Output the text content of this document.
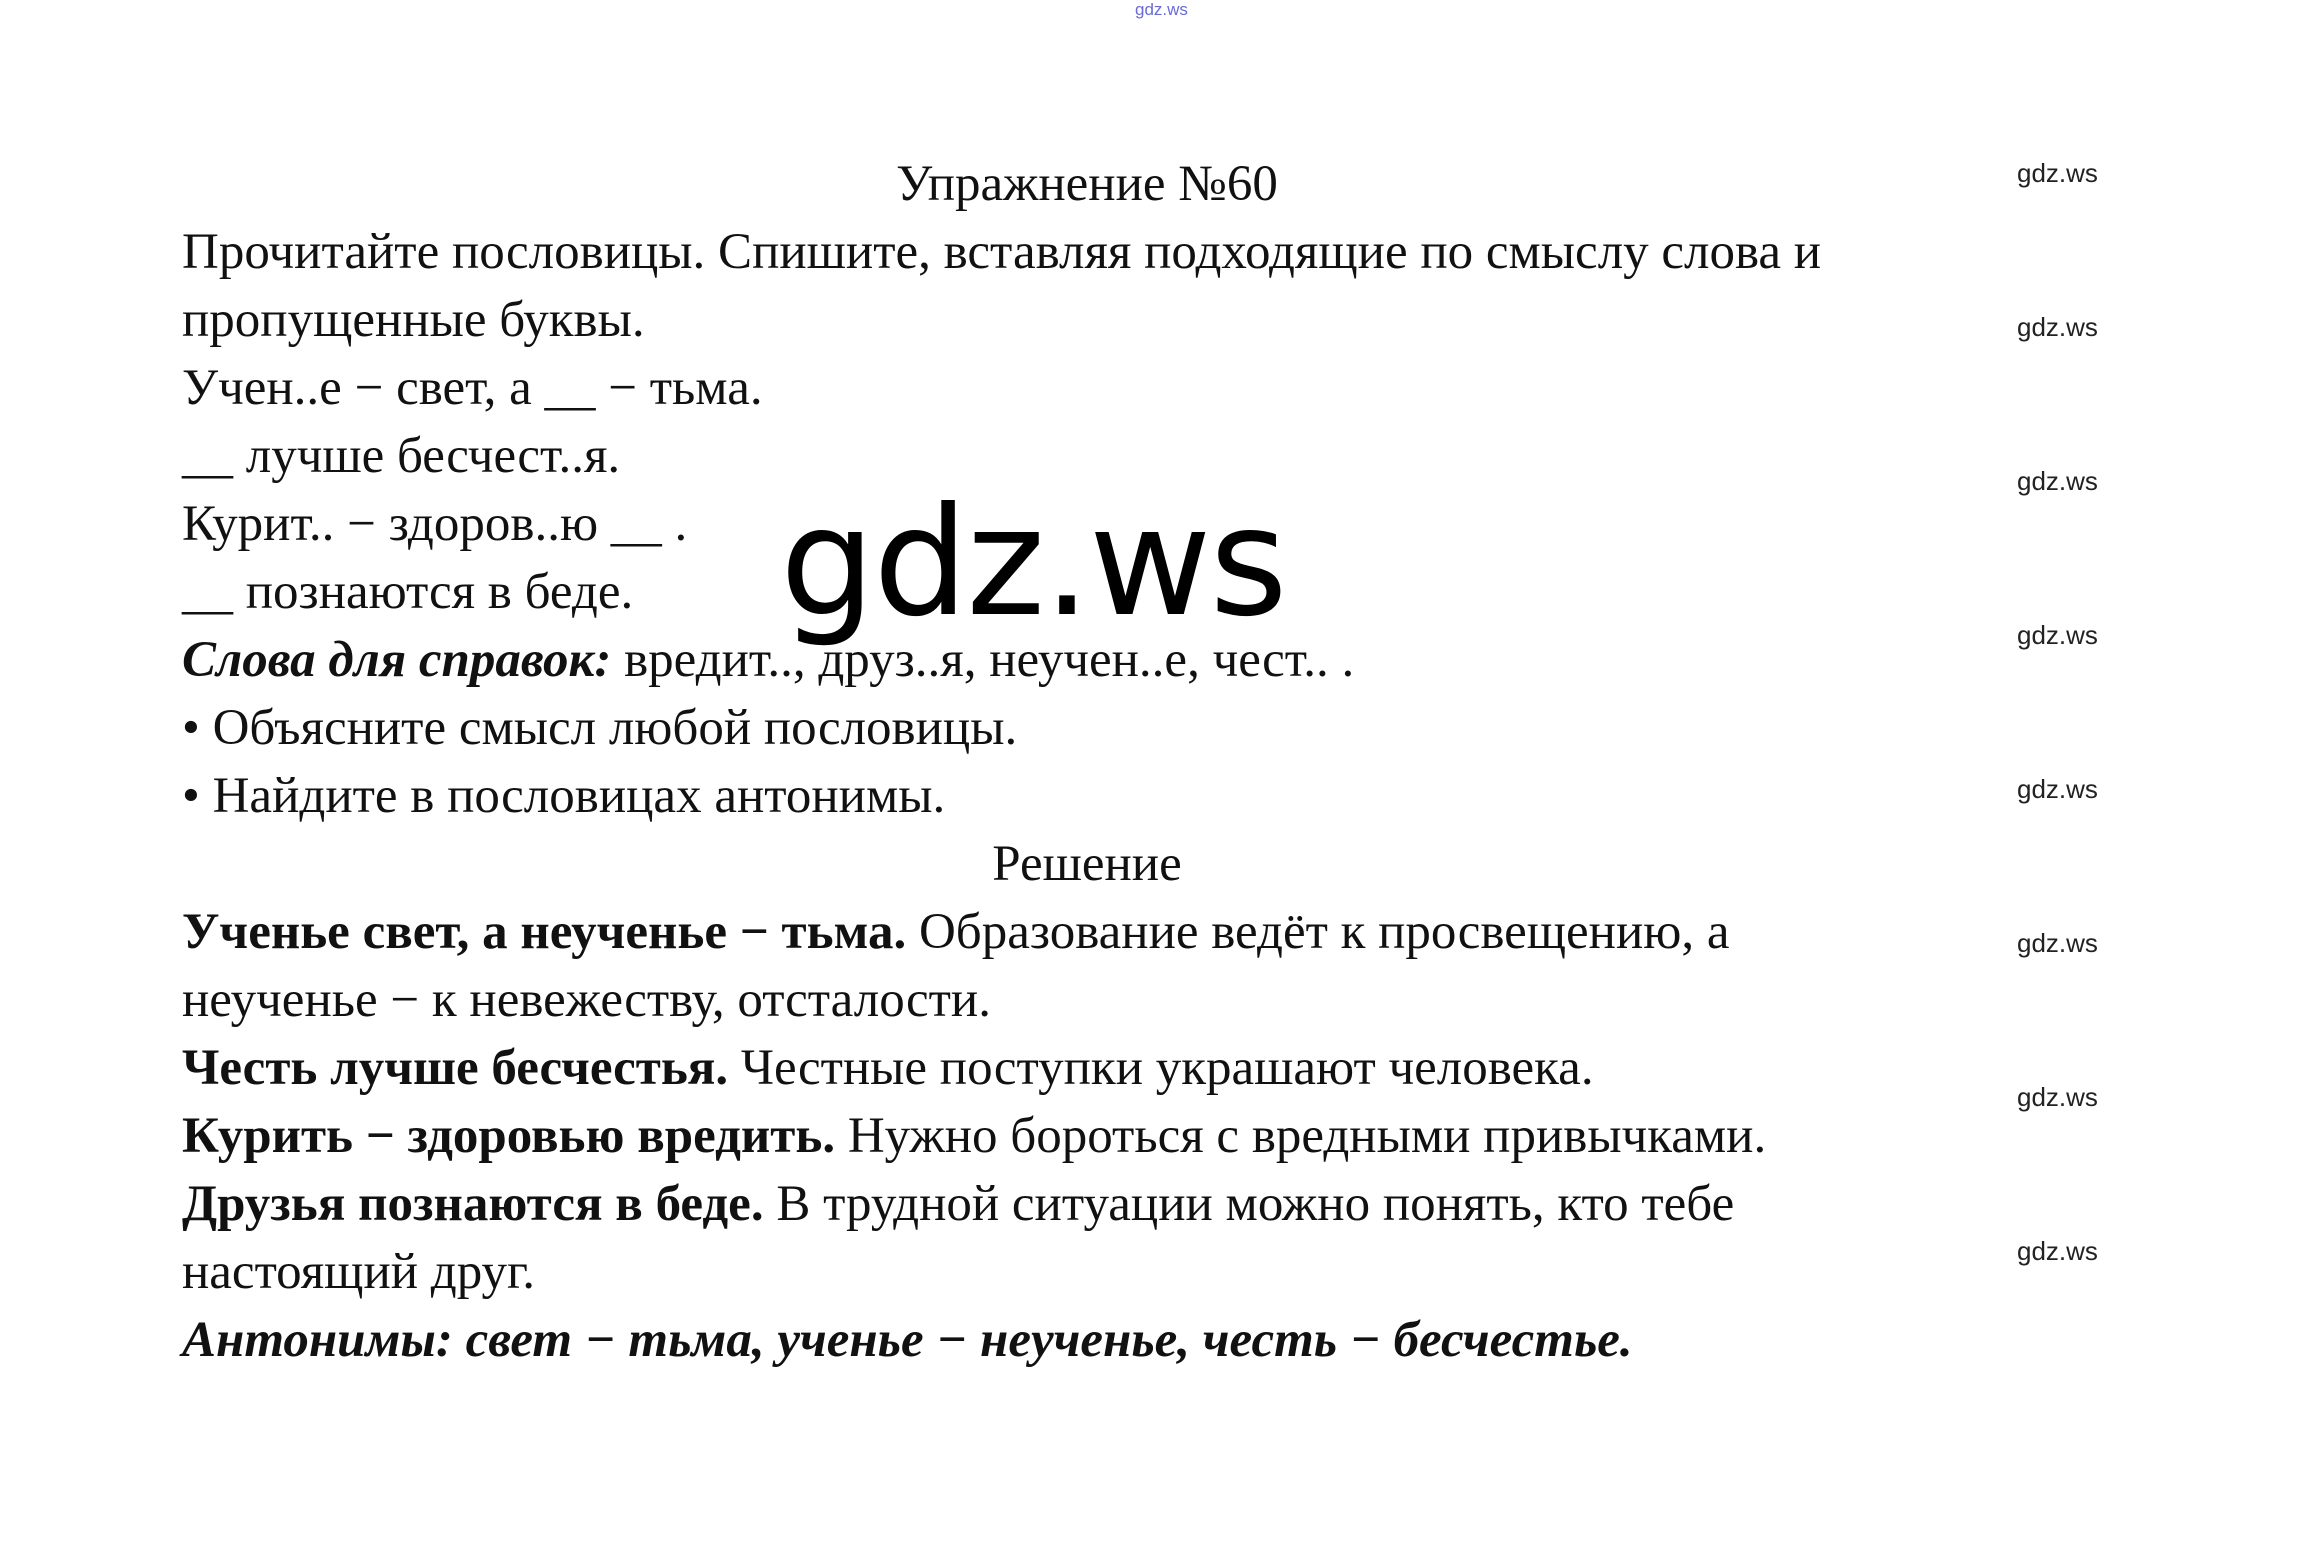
gdz.ws
gdz.ws
gdz.ws
gdz.ws
gdz.ws
gdz.ws
gdz.ws
gdz.ws
gdz.ws
Упражнение №60
Прочитайте пословицы. Спишите, вставляя подходящие по смыслу слова и
пропущенные буквы.
Учен..е − свет, а __ − тьма.
__ лучше бесчест..я.
Курит.. − здоров..ю __ .
__ познаются в беде.
Слова для справок: вредит.., друз..я, неучен..е, чест.. .
• Объясните смысл любой пословицы.
• Найдите в пословицах антонимы.
Решение
Ученье свет, а неученье − тьма. Образование ведёт к просвещению, а
неученье − к невежеству, отсталости.
Честь лучше бесчестья. Честные поступки украшают человека.
Курить − здоровью вредить. Нужно бороться с вредными привычками.
Друзья познаются в беде. В трудной ситуации можно понять, кто тебе
настоящий друг.
Антонимы: свет − тьма, ученье − неученье, честь − бесчестье.
gdz.ws
